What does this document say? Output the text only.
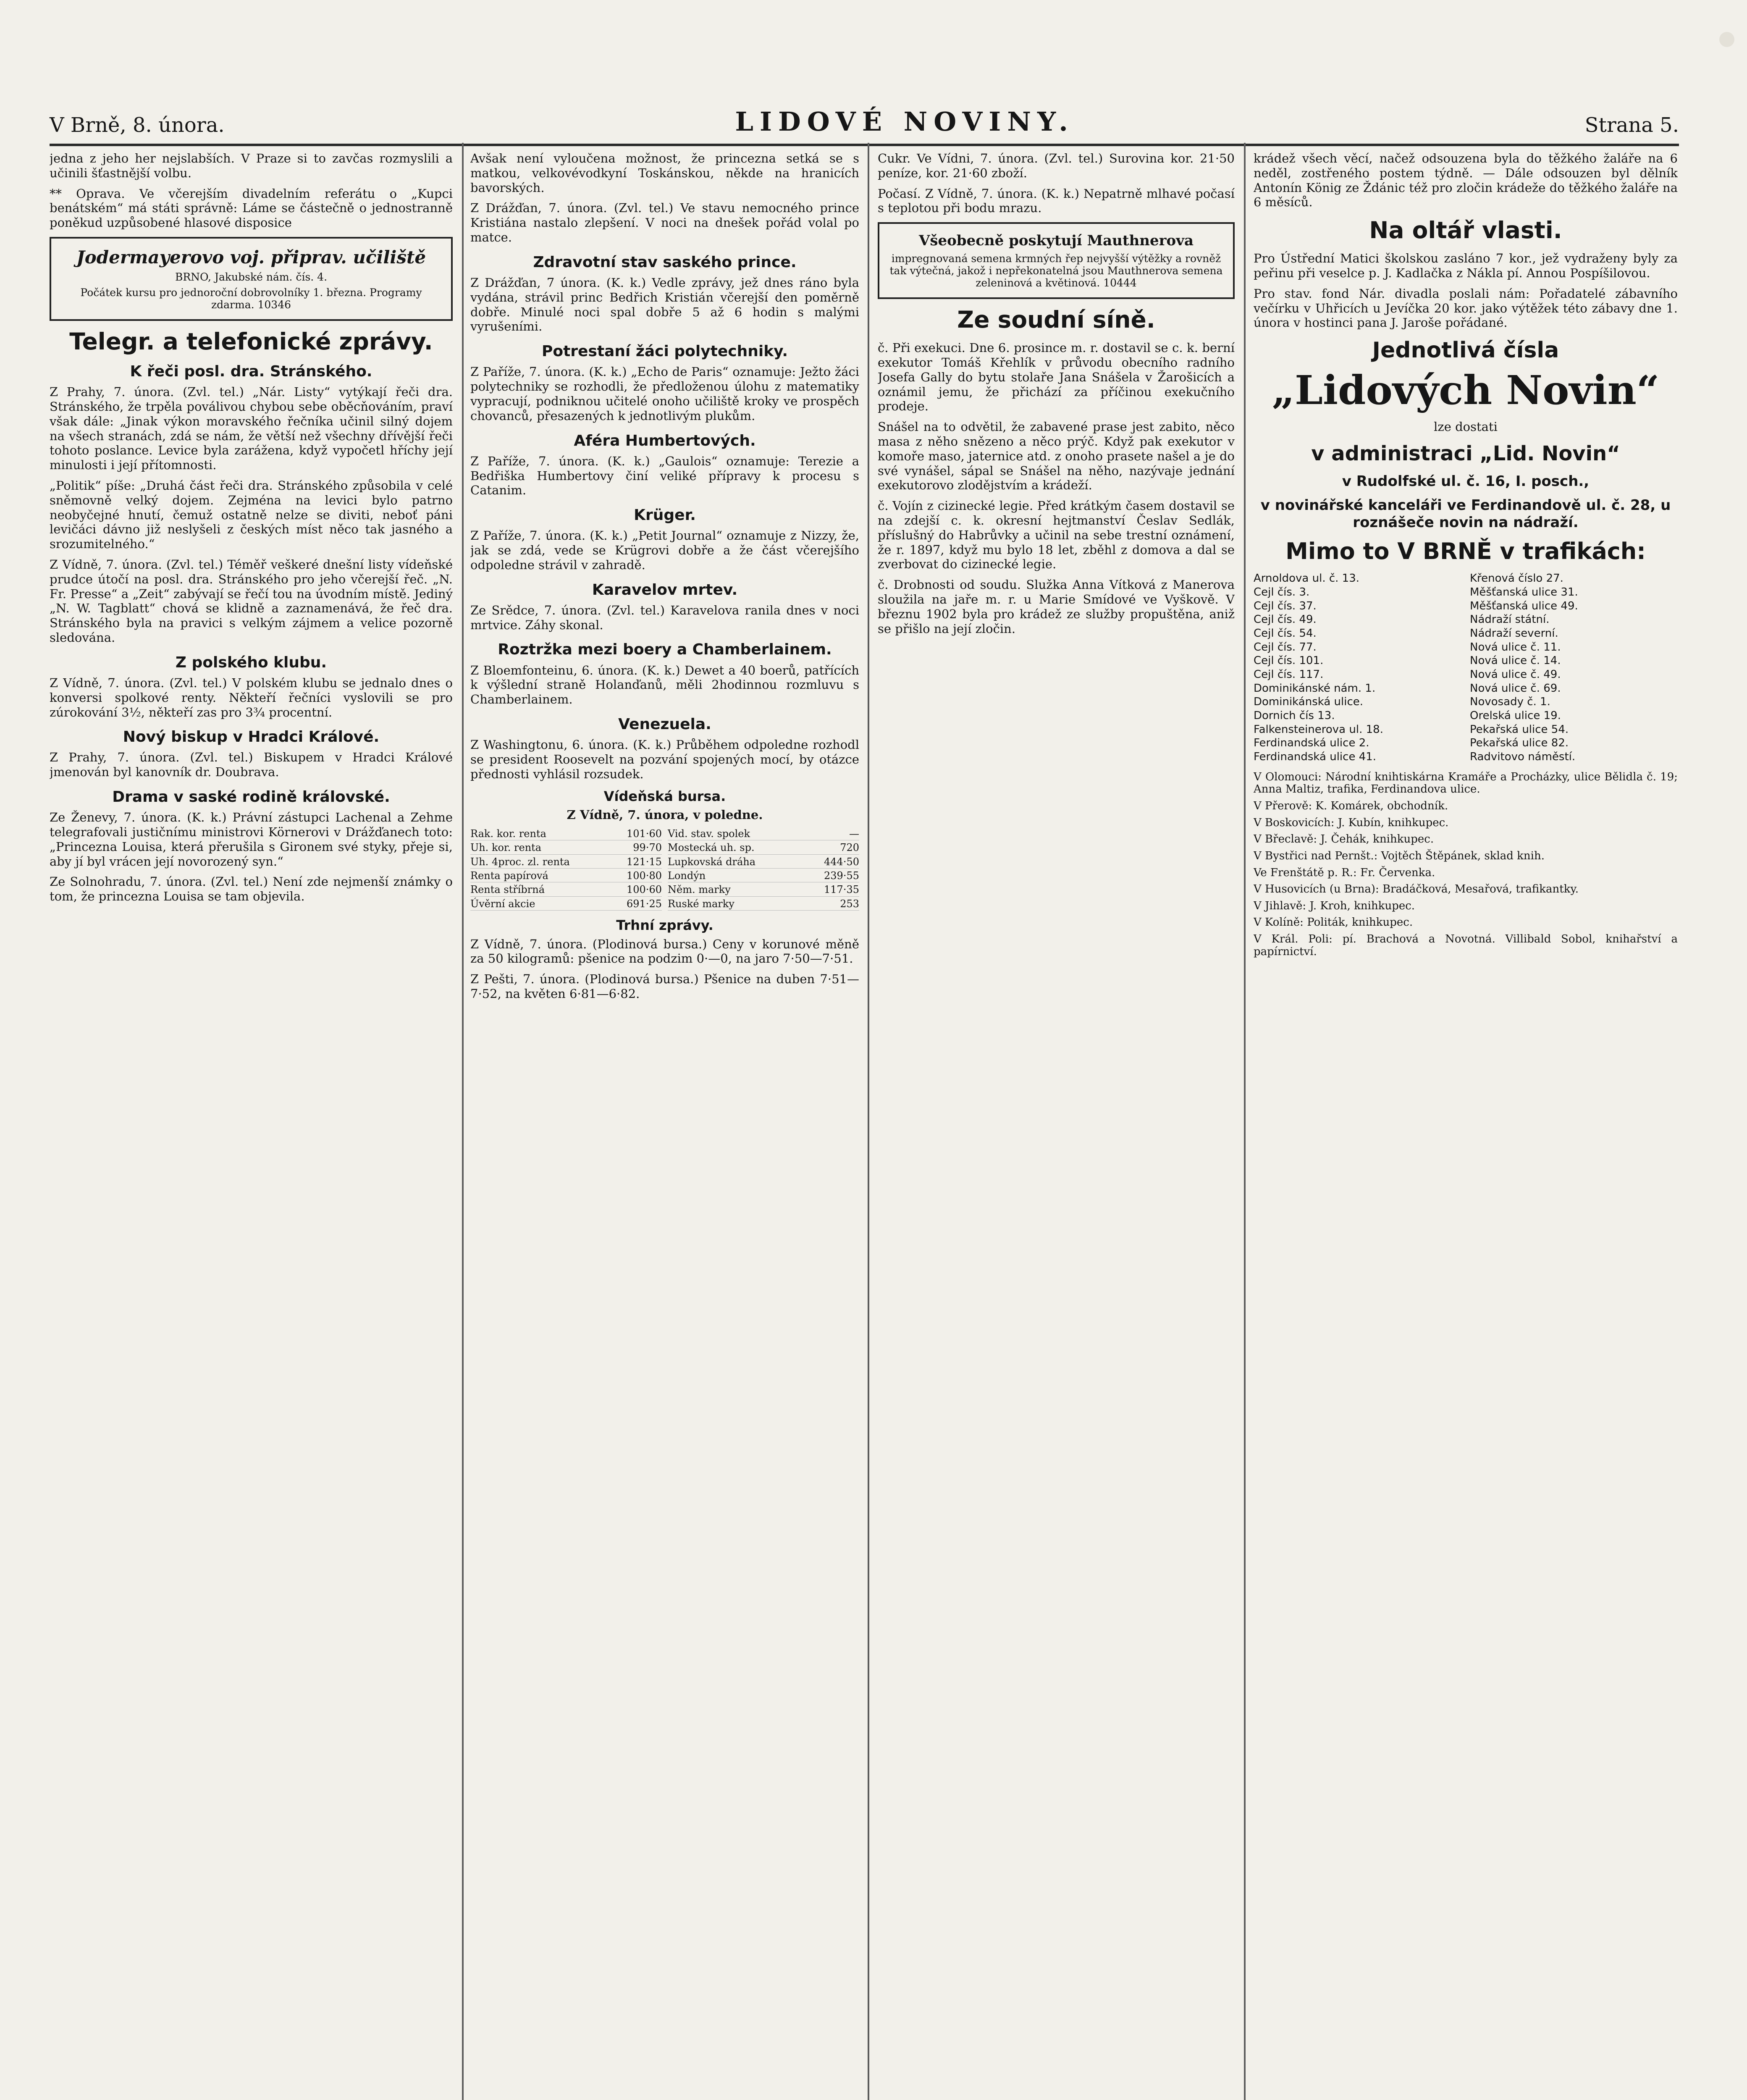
V Brně, 8. února.	LIDOVÉ NOVINY.	Strana 5.

jedna z jeho her nejslabších. V Praze si to zavčas rozmyslili a učinili šťastnější volbu.

** Oprava. Ve včerejším divadelním referátu o „Kupci benátském“ má státi správně: Láme se částečně o jednostranně poněkud uzpůsobené hlasové disposice

Jodermayerovo voj. připrav. učiliště
BRNO, Jakubské nám. čís. 4.
Počátek kursu pro jednoroční dobrovolníky 1. března. Programy zdarma. 10346

Telegr. a telefonické zprávy.

K řeči posl. dra. Stránského.

Z Prahy, 7. února. (Zvl. tel.) „Nár. Listy“ vytýkají řeči dra. Stránského, že trpěla poválivou chybou sebe oběcňováním, praví však dále: „Jinak výkon moravského řečníka učinil silný dojem na všech stranách, zdá se nám, že větší než všechny dřívější řeči tohoto poslance. Levice byla zarážena, když vypočetl hříchy její minulosti i její přítomnosti.

„Politik“ píše: „Druhá část řeči dra. Stránského způsobila v celé sněmovně velký dojem. Zejména na levici bylo patrno neobyčejné hnutí, čemuž ostatně nelze se diviti, neboť páni levičáci dávno již neslyšeli z českých míst něco tak jasného a srozumitelného.“

Z Vídně, 7. února. (Zvl. tel.) Téměř veškeré dnešní listy vídeňské prudce útočí na posl. dra. Stránského pro jeho včerejší řeč. „N. Fr. Presse“ a „Zeit“ zabývají se řečí tou na úvodním místě. Jediný „N. W. Tagblatt“ chová se klidně a zaznamenává, že řeč dra. Stránského byla na pravici s velkým zájmem a velice pozorně sledována.

Z polského klubu.

Z Vídně, 7. února. (Zvl. tel.) V polském klubu se jednalo dnes o konversi spolkové renty. Někteří řečníci vyslovili se pro zúrokování 3½, někteří zas pro 3¾ procentní.

Nový biskup v Hradci Králové.

Z Prahy, 7. února. (Zvl. tel.) Biskupem v Hradci Králové jmenován byl kanovník dr. Doubrava.

Drama v saské rodině královské.

Ze Ženevy, 7. února. (K. k.) Právní zástupci Lachenal a Zehme telegrafovali justičnímu ministrovi Körnerovi v Drážďanech toto: „Princezna Louisa, která přerušila s Gironem své styky, přeje si, aby jí byl vrácen její novorozený syn.“

Ze Solnohradu, 7. února. (Zvl. tel.) Není zde nejmenší známky o tom, že princezna Louisa se tam objevila.

Avšak není vyloučena možnost, že princezna setká se s matkou, velkovévodkyní Toskánskou, někde na hranicích bavorských.

Z Drážďan, 7. února. (Zvl. tel.) Ve stavu nemocného prince Kristiána nastalo zlepšení. V noci na dnešek pořád volal po matce.

Zdravotní stav saského prince.

Z Drážďan, 7 února. (K. k.) Vedle zprávy, jež dnes ráno byla vydána, strávil princ Bedřich Kristián včerejší den poměrně dobře. Minulé noci spal dobře 5 až 6 hodin s malými vyrušeními.

Potrestaní žáci polytechniky.

Z Paříže, 7. února. (K. k.) „Echo de Paris“ oznamuje: Ježto žáci polytechniky se rozhodli, že předloženou úlohu z matematiky vypracují, podniknou učitelé onoho učiliště kroky ve prospěch chovanců, přesazených k jednotlivým plukům.

Aféra Humbertových.

Z Paříže, 7. února. (K. k.) „Gaulois“ oznamuje: Terezie a Bedřiška Humbertovy činí veliké přípravy k procesu s Catanim.

Krüger.

Z Paříže, 7. února. (K. k.) „Petit Journal“ oznamuje z Nizzy, že, jak se zdá, vede se Krügrovi dobře a že část včerejšího odpoledne strávil v zahradě.

Karavelov mrtev.

Ze Srědce, 7. února. (Zvl. tel.) Karavelova ranila dnes v noci mrtvice. Záhy skonal.

Roztržka mezi boery a Chamberlainem.

Z Bloemfonteinu, 6. února. (K. k.) Dewet a 40 boerů, patřících k výšlední straně Holanďanů, měli 2hodinnou rozmluvu s Chamberlainem.

Venezuela.

Z Washingtonu, 6. února. (K. k.) Průběhem odpoledne rozhodl se president Roosevelt na pozvání spojených mocí, by otázce přednosti vyhlásil rozsudek.

Vídeňská bursa.

Z Vídně, 7. února, v poledne.

Rak. kor. renta	101·60 Vid. stav. spolek	—
Uh. kor. renta	99·70 Mostecká uh. sp.	720
Uh. 4proc. zl. renta	121·15 Lupkovská dráha	444·50
Renta papírová	100·80 Londýn	239·55
Renta stříbrná	100·60 Něm. marky	117·35
Úvěrní akcie	691·25 Ruské marky	253

Trhní zprávy.

Z Vídně, 7. února. (Plodinová bursa.) Ceny v korunové měně za 50 kilogramů: pšenice na podzim 0·—0, na jaro 7·50—7·51.

Z Pešti, 7. února. (Plodinová bursa.) Pšenice na duben 7·51—7·52, na květen 6·81—6·82.

Cukr. Ve Vídni, 7. února. (Zvl. tel.) Surovina kor. 21·50 peníze, kor. 21·60 zboží.

Počasí. Z Vídně, 7. února. (K. k.) Nepatrně mlhavé počasí s teplotou při bodu mrazu.

Všeobecně poskytují Mauthnerova
impregnovaná semena krmných řep nejvyšší výtěžky a rovněž tak výtečná, jakož i nepřekonatelná jsou Mauthnerova semena zeleninová a květinová. 10444

Ze soudní síně.

č. Při exekuci. Dne 6. prosince m. r. dostavil se c. k. berní exekutor Tomáš Křehlík v průvodu obecního radního Josefa Gally do bytu stolaře Jana Snášela v Žarošicích a oznámil jemu, že přichází za příčinou exekučního prodeje.

Snášel na to odvětil, že zabavené prase jest zabito, něco masa z něho snězeno a něco prýč. Když pak exekutor v komoře maso, jaternice atd. z onoho prasete našel a je do své vynášel, sápal se Snášel na něho, nazývaje jednání exekutorovo zlodějstvím a krádeží.

č. Vojín z cizinecké legie. Před krátkým časem dostavil se na zdejší c. k. okresní hejtmanství Česlav Sedlák, příslušný do Habrůvky a učinil na sebe trestní oznámení, že r. 1897, když mu bylo 18 let, zběhl z domova a dal se zverbovat do cizinecké legie.

č. Drobnosti od soudu. Služka Anna Vítková z Manerova sloužila na jaře m. r. u Marie Smídové ve Vyškově. V březnu 1902 byla pro krádež ze služby propuštěna, aniž se přišlo na její zločin.

krádež všech věcí, načež odsouzena byla do těžkého žaláře na 6 neděl, zostřeného postem týdně. — Dále odsouzen byl dělník Antonín König ze Ždánic též pro zločin krádeže do těžkého žaláře na 6 měsíců.

Na oltář vlasti.

Pro Ústřední Matici školskou zasláno 7 kor., jež vydraženy byly za peřinu při veselce p. J. Kadlačka z Nákla pí. Annou Pospíšilovou.

Pro stav. fond Nár. divadla poslali nám: Pořadatelé zábavního večírku v Uhřicích u Jevíčka 20 kor. jako výtěžek této zábavy dne 1. února v hostinci pana J. Jaroše pořádané.

Jednotlivá čísla

„Lidových Novin“

lze dostati

v administraci „Lid. Novin“

v Rudolfské ul. č. 16, I. posch.,

v novinářské kanceláři ve Ferdinandově ul. č. 28, u roznášeče novin na nádraží.

Mimo to V BRNĚ v trafikách:

Arnoldova ul. č. 13.	Křenová číslo 27.
Cejl čís. 3.	Měšťanská ulice 31.
Cejl čís. 37.	Měšťanská ulice 49.
Cejl čís. 49.	Nádraží státní.
Cejl čís. 54.	Nádraží severní.
Cejl čís. 77.	Nová ulice č. 11.
Cejl čís. 101.	Nová ulice č. 14.
Cejl čís. 117.	Nová ulice č. 49.
Dominikánské nám. 1.	Nová ulice č. 69.
Dominikánská ulice.	Novosady č. 1.
Dornich čís 13.	Orelská ulice 19.
Falkensteinerova ul. 18.	Pekařská ulice 54.
Ferdinandská ulice 2.	Pekařská ulice 82.
Ferdinandská ulice 41.	Radvitovo náměstí.

V Olomouci: Národní knihtiskárna Kramáře a Procházky, ulice Bělidla č. 19; Anna Maltiz, trafika, Ferdinandova ulice.

V Přerově: K. Komárek, obchodník.

V Boskovicích: J. Kubín, knihkupec.

V Břeclavě: J. Čehák, knihkupec.

V Bystřici nad Pernšt.: Vojtěch Štěpánek, sklad knih.

Ve Frenštátě p. R.: Fr. Červenka.

V Husovicích (u Brna): Bradáčková, Mesařová, trafikantky.

V Jihlavě: J. Kroh, knihkupec.

V Kolíně: Politák, knihkupec.

V Král. Poli: pí. Brachová a Novotná. Villibald Sobol, knihařství a papírnictví.
